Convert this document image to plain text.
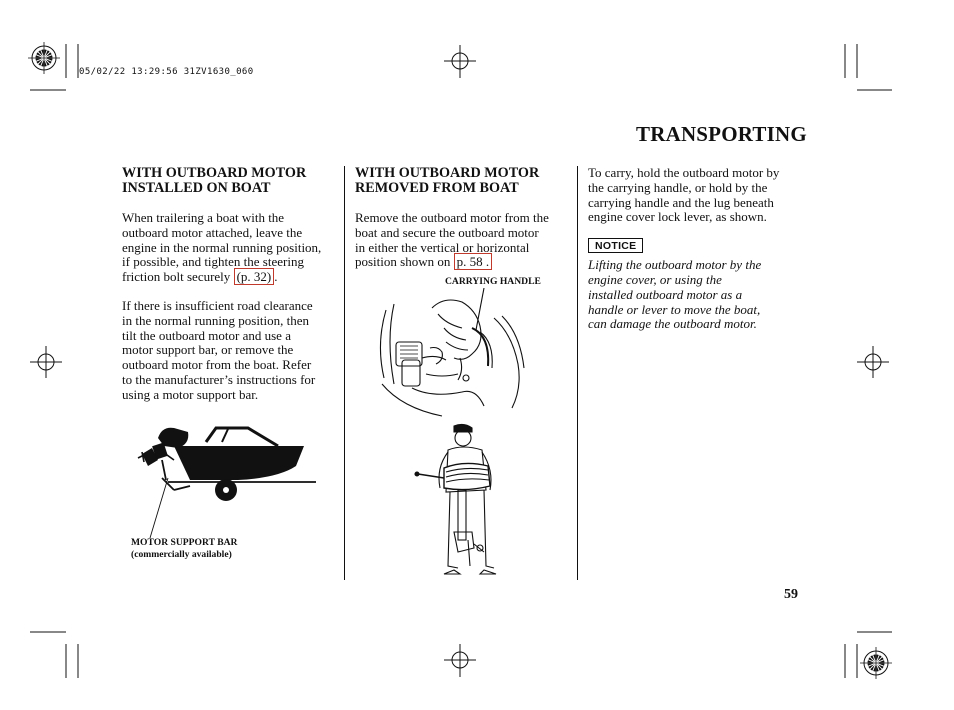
05/02/22 13:29:56 31ZV1630_060
TRANSPORTING
WITH OUTBOARD MOTOR
INSTALLED ON BOAT
When trailering a boat with the
outboard motor attached, leave the
engine in the normal running position,
if possible, and tighten the steering
friction bolt securely (p. 32) .
If there is insufficient road clearance
in the normal running position, then
tilt the outboard motor and use a
motor support bar, or remove the
outboard motor from the boat. Refer
to the manufacturer’s instructions for
using a motor support bar.
MOTOR SUPPORT BAR
(commercially available)
WITH OUTBOARD MOTOR
REMOVED FROM BOAT
Remove the outboard motor from the
boat and secure the outboard motor
in either the vertical or horizontal
position shown on p. 58 .
CARRYING HANDLE
To carry, hold the outboard motor by
the carrying handle, or hold by the
carrying handle and the lug beneath
engine cover lock lever, as shown.
NOTICE
Lifting the outboard motor by the
engine cover, or using the
installed outboard motor as a
handle or lever to move the boat,
can damage the outboard motor.
59
